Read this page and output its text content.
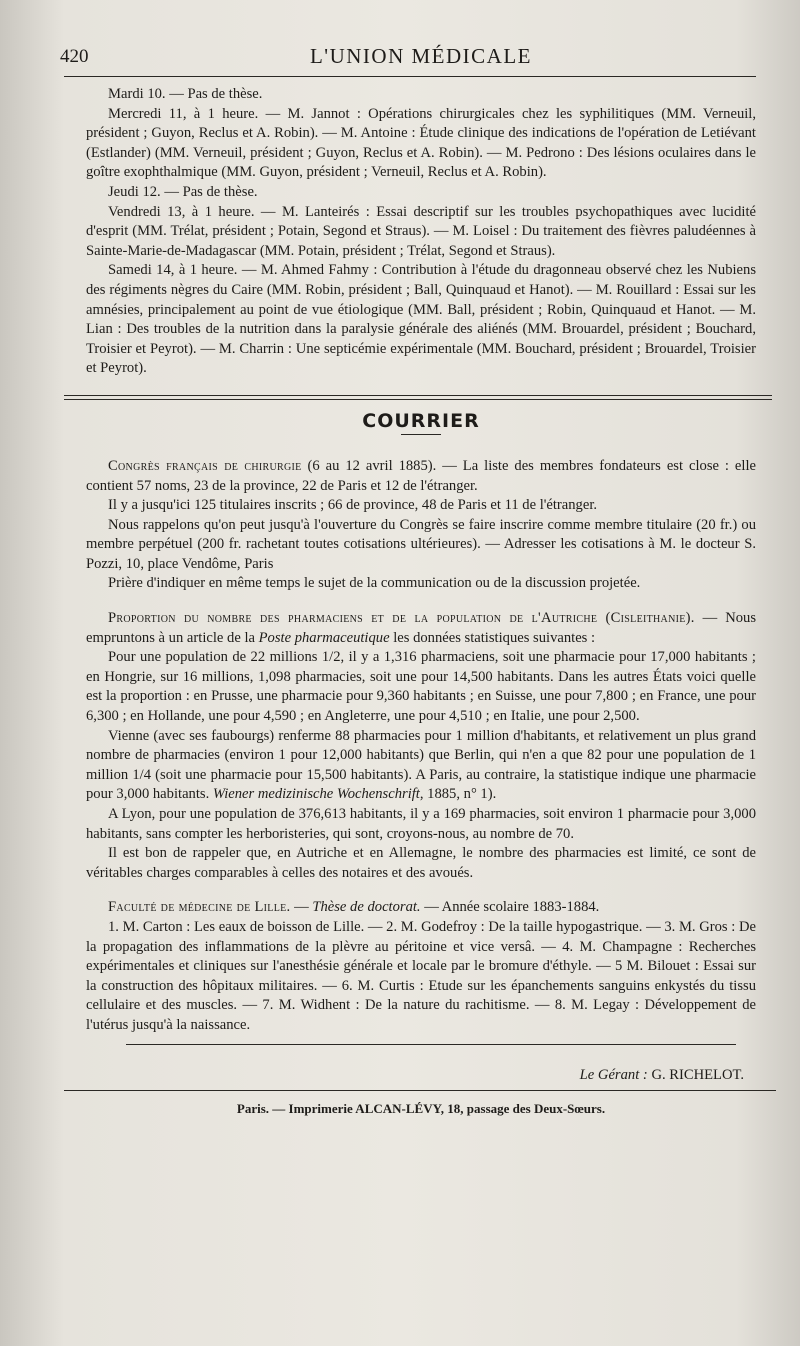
420	L'UNION MÉDICALE

Mardi 10. — Pas de thèse.

Mercredi 11, à 1 heure. — M. Jannot : Opérations chirurgicales chez les syphilitiques (MM. Verneuil, président ; Guyon, Reclus et A. Robin). — M. Antoine : Étude clinique des indications de l'opération de Letiévant (Estlander) (MM. Verneuil, président ; Guyon, Reclus et A. Robin). — M. Pedrono : Des lésions oculaires dans le goître exophthalmique (MM. Guyon, président ; Verneuil, Reclus et A. Robin).

Jeudi 12. — Pas de thèse.

Vendredi 13, à 1 heure. — M. Lanteirés : Essai descriptif sur les troubles psychopathiques avec lucidité d'esprit (MM. Trélat, président ; Potain, Segond et Straus). — M. Loisel : Du traitement des fièvres paludéennes à Sainte-Marie-de-Madagascar (MM. Potain, président ; Trélat, Segond et Straus).

Samedi 14, à 1 heure. — M. Ahmed Fahmy : Contribution à l'étude du dragonneau observé chez les Nubiens des régiments nègres du Caire (MM. Robin, président ; Ball, Quinquaud et Hanot). — M. Rouillard : Essai sur les amnésies, principalement au point de vue étiologique (MM. Ball, président ; Robin, Quinquaud et Hanot. — M. Lian : Des troubles de la nutrition dans la paralysie générale des aliénés (MM. Brouardel, président ; Bouchard, Troisier et Peyrot). — M. Charrin : Une septicémie expérimentale (MM. Bouchard, président ; Brouardel, Troisier et Peyrot).

COURRIER

Congrès français de chirurgie (6 au 12 avril 1885). — La liste des membres fondateurs est close : elle contient 57 noms, 23 de la province, 22 de Paris et 12 de l'étranger.

Il y a jusqu'ici 125 titulaires inscrits ; 66 de province, 48 de Paris et 11 de l'étranger.

Nous rappelons qu'on peut jusqu'à l'ouverture du Congrès se faire inscrire comme membre titulaire (20 fr.) ou membre perpétuel (200 fr. rachetant toutes cotisations ultérieures). — Adresser les cotisations à M. le docteur S. Pozzi, 10, place Vendôme, Paris

Prière d'indiquer en même temps le sujet de la communication ou de la discussion projetée.

Proportion du nombre des pharmaciens et de la population de l'Autriche (Cisleithanie). — Nous empruntons à un article de la Poste pharmaceutique les données statistiques suivantes :

Pour une population de 22 millions 1/2, il y a 1,316 pharmaciens, soit une pharmacie pour 17,000 habitants ; en Hongrie, sur 16 millions, 1,098 pharmacies, soit une pour 14,500 habitants. Dans les autres États voici quelle est la proportion : en Prusse, une pharmacie pour 9,360 habitants ; en Suisse, une pour 7,800 ; en France, une pour 6,300 ; en Hollande, une pour 4,590 ; en Angleterre, une pour 4,510 ; en Italie, une pour 2,500.

Vienne (avec ses faubourgs) renferme 88 pharmacies pour 1 million d'habitants, et relativement un plus grand nombre de pharmacies (environ 1 pour 12,000 habitants) que Berlin, qui n'en a que 82 pour une population de 1 million 1/4 (soit une pharmacie pour 15,500 habitants). A Paris, au contraire, la statistique indique une pharmacie pour 3,000 habitants. Wiener medizinische Wochenschrift, 1885, n° 1).

A Lyon, pour une population de 376,613 habitants, il y a 169 pharmacies, soit environ 1 pharmacie pour 3,000 habitants, sans compter les herboristeries, qui sont, croyons-nous, au nombre de 70.

Il est bon de rappeler que, en Autriche et en Allemagne, le nombre des pharmacies est limité, ce sont de véritables charges comparables à celles des notaires et des avoués.

Faculté de médecine de Lille. — Thèse de doctorat. — Année scolaire 1883-1884.

1. M. Carton : Les eaux de boisson de Lille. — 2. M. Godefroy : De la taille hypogastrique. — 3. M. Gros : De la propagation des inflammations de la plèvre au péritoine et vice versâ. — 4. M. Champagne : Recherches expérimentales et cliniques sur l'anesthésie générale et locale par le bromure d'éthyle. — 5 M. Bilouet : Essai sur la construction des hôpitaux militaires. — 6. M. Curtis : Etude sur les épanchements sanguins enkystés du tissu cellulaire et des muscles. — 7. M. Widhent : De la nature du rachitisme. — 8. M. Legay : Développement de l'utérus jusqu'à la naissance.

Le Gérant : G. RICHELOT.
Paris. — Imprimerie ALCAN-LÉVY, 18, passage des Deux-Sœurs.
